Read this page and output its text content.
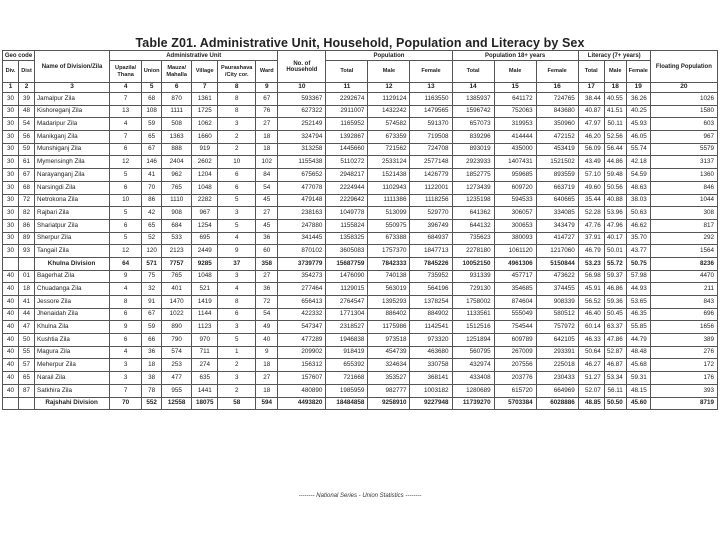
Table Z01. Administrative Unit, Household, Population and Literacy by Sex
Geo code		Name of Division/Zila	Administrative Unit						No. of Household	Population			Population 18+ years			Literacy (7+ years)			Floating Population
Div.	Dist		Upazila/ Thana	Union	Mauza/ Mahalla	Village	Paurashava /City cor.	Ward		Total	Male	Female	Total	Male	Female	Total	Male	Female	
1	2	3	4	5	6	7	8	9	10	11	12	13	14	15	16	17	18	19	20
30	39	Jamalpur Zila	7	68	870	1361	8	67	593367	2292674	1129124	1163550	1385937	641172	724765	38.44	40.55	36.26	1026
30	48	Kishoreganj Zila	13	108	1111	1725	8	76	627322	2911007	1432242	1479565	1596742	752063	843680	40.87	41.51	40.25	1580
30	54	Madaripur Zila	4	59	508	1062	3	27	252149	1165952	574582	591370	657073	319953	350960	47.97	50.11	45.93	603
30	56	Manikganj Zila	7	65	1363	1660	2	18	324794	1392867	673359	719508	839296	414444	472152	46.20	52.56	46.05	967
30	59	Munshiganj Zila	6	67	888	919	2	18	313258	1445660	721562	724708	893019	435000	453419	56.09	56.44	55.74	5579
30	61	Mymensingh Zila	12	146	2404	2602	10	102	1155438	5110272	2533124	2577148	2923933	1407431	1521502	43.49	44.86	42.18	3137
30	67	Narayanganj Zila	5	41	962	1204	6	84	675652	2948217	1521438	1426779	1852775	959685	893559	57.10	59.48	54.59	1360
30	68	Narsingdi Zila	6	70	765	1048	6	54	477078	2224944	1102943	1122001	1273439	609720	663719	49.60	50.56	48.63	846
30	72	Netrokona Zila	10	86	1110	2282	5	45	479148	2229642	1111386	1118256	1235198	594533	640665	35.44	40.88	38.03	1044
30	82	Rajbari Zila	5	42	908	967	3	27	238163	1049778	513099	529770	641362	306057	334085	52.28	53.96	50.63	308
30	86	Shariatpur Zila	6	65	684	1254	5	45	247880	1155824	550975	396749	644132	300653	343479	47.76	47.96	46.62	817
30	89	Sherpur Zila	5	52	533	695	4	36	341445	1358325	673388	684937	735623	380093	414727	37.91	40.17	35.70	292
30	93	Tangail Zila	12	120	2123	2449	9	60	870102	3605083	1757370	1847713	2278180	1061120	1217060	46.79	50.01	43.77	1564
		Khulna Division	64	571	7757	9285	37	358	3739779	15687759	7842333	7845226	10052150	4961306	5150844	53.23	55.72	50.75	8236
40	01	Bagerhat Zila	9	75	765	1048	3	27	354273	1476090	740138	735952	931339	457717	473622	56.98	59.37	57.98	4470
40	18	Chuadanga Zila	4	32	401	521	4	36	277464	1129015	563019	564196	729130	354685	374455	45.91	46.86	44.93	211
40	41	Jessore Zila	8	91	1470	1419	8	72	656413	2764547	1395293	1378254	1758002	874604	908339	56.52	59.36	53.65	843
40	44	Jhenaidah Zila	6	67	1022	1144	6	54	422332	1771304	886402	884902	1133561	555049	580512	46.40	50.45	46.35	696
40	47	Khulna Zila	9	59	890	1123	3	49	547347	2318527	1175986	1142541	1512516	754544	757972	60.14	63.37	55.85	1656
40	50	Kushtia Zila	6	66	790	970	5	40	477289	1946838	973518	973320	1251894	609789	642105	46.33	47.86	44.79	389
40	55	Magura Zila	4	36	574	711	1	9	209902	918419	454739	463680	560795	267009	293391	50.64	52.87	48.48	276
40	57	Meherpur Zila	3	18	253	274	2	18	156312	655392	324634	330758	432974	207556	225018	46.27	46.87	45.68	172
40	65	Narail Zila	3	38	477	635	3	27	157607	721668	353527	368141	433408	203776	230433	51.27	53.34	59.31	176
40	87	Satkhira Zila	7	78	955	1441	2	18	480890	1985959	982777	1003182	1280689	615720	664969	52.07	56.11	48.15	393
		Rajshahi Division	70	552	12558	18075	58	594	4493820	18484858	9258910	9227948	11739270	5703384	6028886	48.85	50.50	45.60	8719
-------- National Series - Union Statistics --------
